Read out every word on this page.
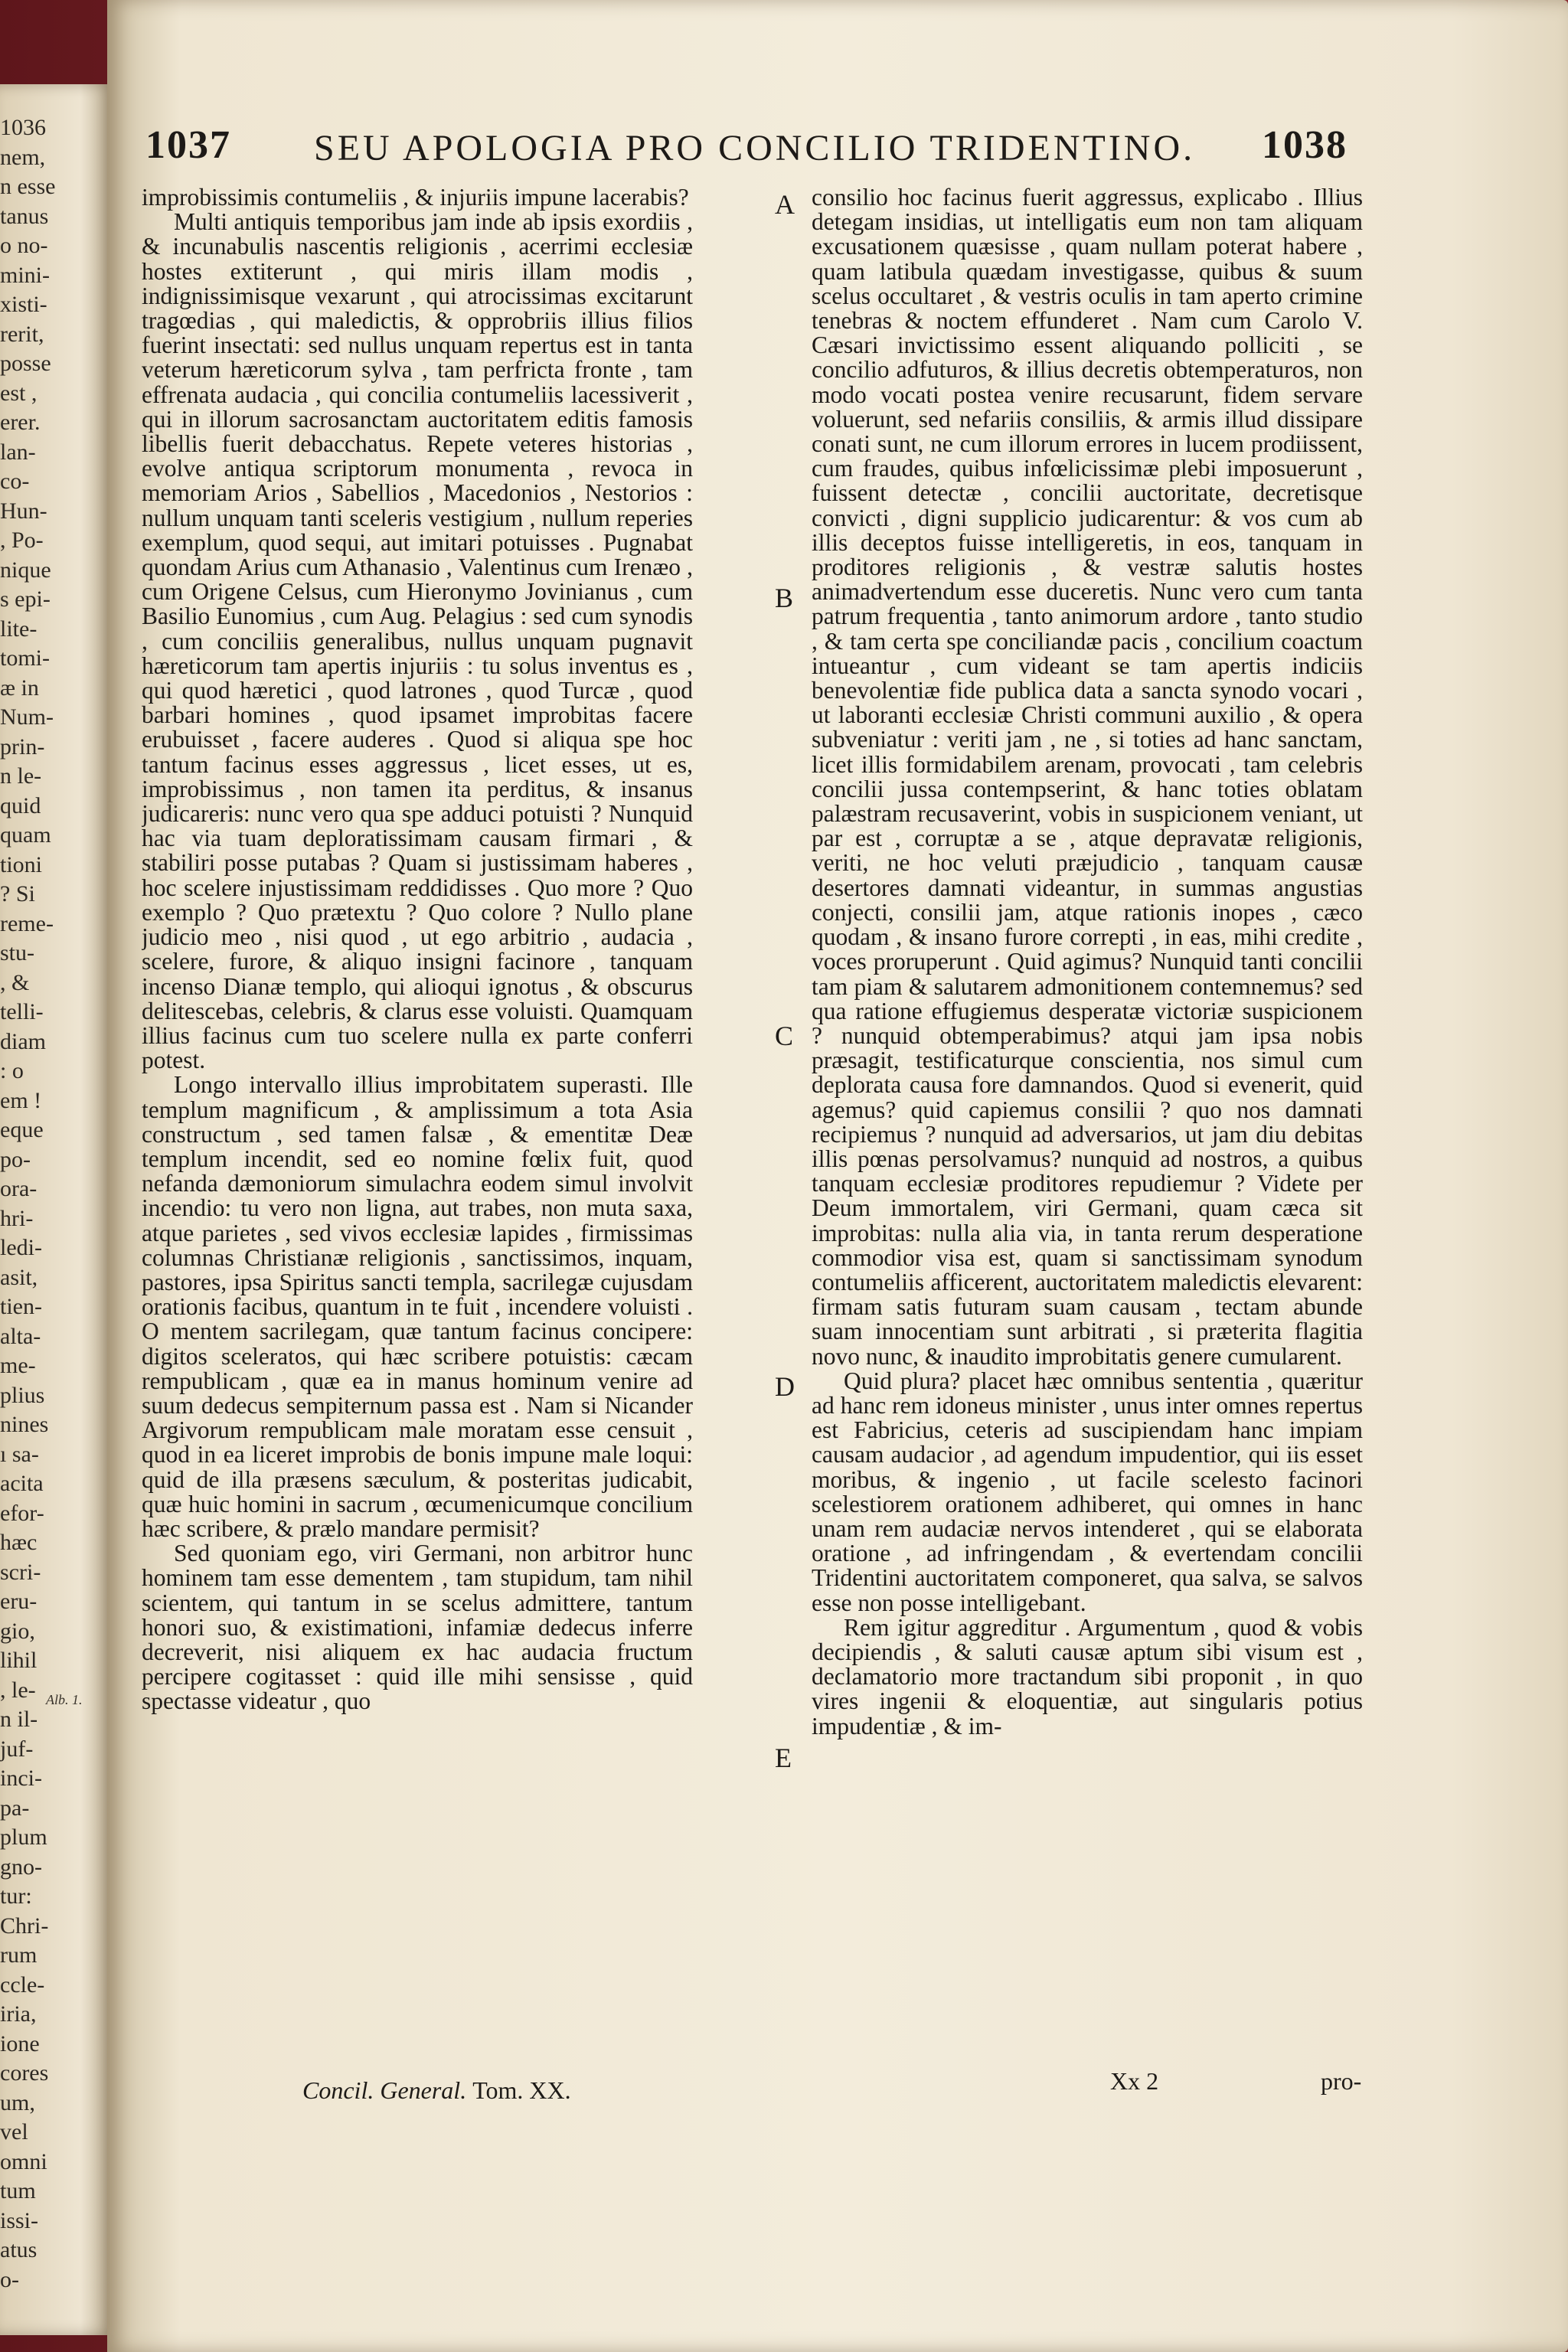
1036
nem,
n esse
tanus
o no-
mini-
xisti-
rerit,
posse
est ,
erer.
lan-
co-
Hun-
, Po-
nique
s epi-
lite-
tomi-
æ in
Num-
prin-
n le-
quid
quam
tioni
? Si
reme-
stu-
, &
telli-
diam
: o
em !
eque
po-
ora-
hri-
ledi-
asit,
tien-
alta-
me-
plius
nines
ı sa-
acita
efor-
hæc
scri-
eru-
gio,
lihil
, le-
n il-
juf-
inci-
pa-
plum
gno-
tur:
Chri-
rum
ccle-
iria,
ione
cores
um,
vel
omni
tum
issi-
atus
o-
1037 SEU APOLOGIA PRO CONCILIO TRIDENTINO. 1038

improbissimis contumeliis , & injuriis impune lacerabis?

Multi antiquis temporibus jam inde ab ipsis exordiis , & incunabulis nascentis religionis , acerrimi ecclesiæ hostes extiterunt , qui miris illam modis , indignissimisque vexarunt , qui atrocissimas excitarunt tragœdias , qui maledictis, & opprobriis illius filios fuerint insectati: sed nullus unquam repertus est in tanta veterum hæreticorum sylva , tam perfricta fronte , tam effrenata audacia , qui concilia contumeliis lacessiverit , qui in illorum sacrosanctam auctoritatem editis famosis libellis fuerit debacchatus. Repete veteres historias , evolve antiqua scriptorum monumenta , revoca in memoriam Arios , Sabellios , Macedonios , Nestorios : nullum unquam tanti sceleris vestigium , nullum reperies exemplum, quod sequi, aut imitari potuisses . Pugnabat quondam Arius cum Athanasio , Valentinus cum Irenæo , cum Origene Celsus, cum Hieronymo Jovinianus , cum Basilio Eunomius , cum Aug. Pelagius : sed cum synodis , cum conciliis generalibus, nullus unquam pugnavit hæreticorum tam apertis injuriis : tu solus inventus es , qui quod hæretici , quod latrones , quod Turcæ , quod barbari homines , quod ipsamet improbitas facere erubuisset , facere auderes . Quod si aliqua spe hoc tantum facinus esses aggressus , licet esses, ut es, improbissimus , non tamen ita perditus, & insanus judicareris: nunc vero qua spe adduci potuisti ? Nunquid hac via tuam deploratissimam causam firmari , & stabiliri posse putabas ? Quam si justissimam haberes , hoc scelere injustissimam reddidisses . Quo more ? Quo exemplo ? Quo prætextu ? Quo colore ? Nullo plane judicio meo , nisi quod , ut ego arbitrio , audacia , scelere, furore, & aliquo insigni facinore , tanquam incenso Dianæ templo, qui alioqui ignotus , & obscurus delitescebas, celebris, & clarus esse voluisti. Quamquam illius facinus cum tuo scelere nulla ex parte conferri potest.

Longo intervallo illius improbitatem superasti. Ille templum magnificum , & amplissimum a tota Asia constructum , sed tamen falsæ , & ementitæ Deæ templum incendit, sed eo nomine fœlix fuit, quod nefanda dæmoniorum simulachra eodem simul involvit incendio: tu vero non ligna, aut trabes, non muta saxa, atque parietes , sed vivos ecclesiæ lapides , firmissimas columnas Christianæ religionis , sanctissimos, inquam, pastores, ipsa Spiritus sancti templa, sacrilegæ cujusdam orationis facibus, quantum in te fuit , incendere voluisti . O mentem sacrilegam, quæ tantum facinus concipere: digitos sceleratos, qui hæc scribere potuistis: cæcam rempublicam , quæ ea in manus hominum venire ad suum dedecus sempiternum passa est . Nam si Nicander Argivorum rempublicam male moratam esse censuit , quod in ea liceret improbis de bonis impune male loqui: quid de illa præsens sæculum, & posteritas judicabit, quæ huic homini in sacrum , œcumenicumque concilium hæc scribere, & prælo mandare permisit?

Sed quoniam ego, viri Germani, non arbitror hunc hominem tam esse dementem , tam stupidum, tam nihil scientem, qui tantum in se scelus admittere, tantum honori suo, & existimationi, infamiæ dedecus inferre decreverit, nisi aliquem ex hac audacia fructum percipere cogitasset : quid ille mihi sensisse , quid spectasse videatur , quo

A
B
C
D
E

consilio hoc facinus fuerit aggressus, explicabo . Illius detegam insidias, ut intelligatis eum non tam aliquam excusationem quæsisse , quam nullam poterat habere , quam latibula quædam investigasse, quibus & suum scelus occultaret , & vestris oculis in tam aperto crimine tenebras & noctem effunderet . Nam cum Carolo V. Cæsari invictissimo essent aliquando polliciti , se concilio adfuturos, & illius decretis obtemperaturos, non modo vocati postea venire recusarunt, fidem servare voluerunt, sed nefariis consiliis, & armis illud dissipare conati sunt, ne cum illorum errores in lucem prodiissent, cum fraudes, quibus infœlicissimæ plebi imposuerunt , fuissent detectæ , concilii auctoritate, decretisque convicti , digni supplicio judicarentur: & vos cum ab illis deceptos fuisse intelligeretis, in eos, tanquam in proditores religionis , & vestræ salutis hostes animadvertendum esse duceretis. Nunc vero cum tanta patrum frequentia , tanto animorum ardore , tanto studio , & tam certa spe conciliandæ pacis , concilium coactum intueantur , cum videant se tam apertis indiciis benevolentiæ fide publica data a sancta synodo vocari , ut laboranti ecclesiæ Christi communi auxilio , & opera subveniatur : veriti jam , ne , si toties ad hanc sanctam, licet illis formidabilem arenam, provocati , tam celebris concilii jussa contempserint, & hanc toties oblatam palæstram recusaverint, vobis in suspicionem veniant, ut par est , corruptæ a se , atque depravatæ religionis, veriti, ne hoc veluti præjudicio , tanquam causæ desertores damnati videantur, in summas angustias conjecti, consilii jam, atque rationis inopes , cæco quodam , & insano furore correpti , in eas, mihi credite , voces proruperunt . Quid agimus? Nunquid tanti concilii tam piam & salutarem admonitionem contemnemus? sed qua ratione effugiemus desperatæ victoriæ suspicionem ? nunquid obtemperabimus? atqui jam ipsa nobis præsagit, testificaturque conscientia, nos simul cum deplorata causa fore damnandos. Quod si evenerit, quid agemus? quid capiemus consilii ? quo nos damnati recipiemus ? nunquid ad adversarios, ut jam diu debitas illis pœnas persolvamus? nunquid ad nostros, a quibus tanquam ecclesiæ proditores repudiemur ? Videte per Deum immortalem, viri Germani, quam cæca sit improbitas: nulla alia via, in tanta rerum desperatione commodior visa est, quam si sanctissimam synodum contumeliis afficerent, auctoritatem maledictis elevarent: firmam satis futuram suam causam , tectam abunde suam innocentiam sunt arbitrati , si præterita flagitia novo nunc, & inaudito improbitatis genere cumularent.

Quid plura? placet hæc omnibus sententia , quæritur ad hanc rem idoneus minister , unus inter omnes repertus est Fabricius, ceteris ad suscipiendam hanc impiam causam audacior , ad agendum impudentior, qui iis esset moribus, & ingenio , ut facile scelesto facinori scelestiorem orationem adhiberet, qui omnes in hanc unam rem audaciæ nervos intenderet , qui se elaborata oratione , ad infringendam , & evertendam concilii Tridentini auctoritatem componeret, qua salva, se salvos esse non posse intelligebant.

Rem igitur aggreditur . Argumentum , quod & vobis decipiendis , & saluti causæ aptum sibi visum est , declamatorio more tractandum sibi proponit , in quo vires ingenii & eloquentiæ, aut singularis potius impudentiæ , & im-

Concil. General. Tom. XX.	Xx 2	pro-
Alb. 1.
